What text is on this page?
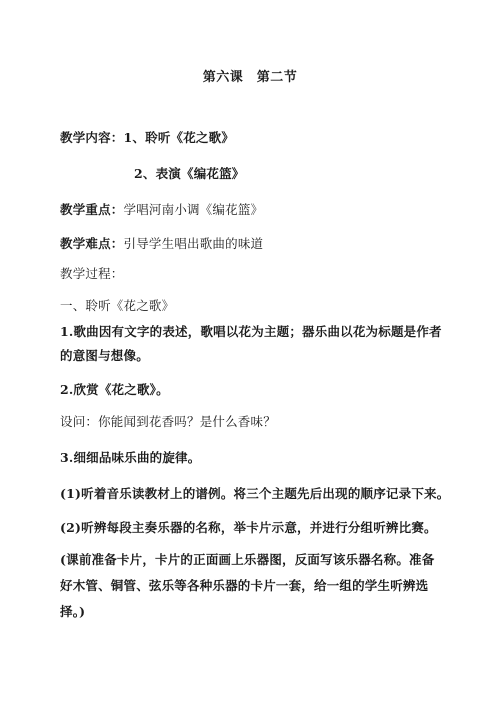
第六课　第二节
教学内容：1、聆听《花之歌》
2、表演《编花篮》
教学重点：学唱河南小调《编花篮》
教学难点：引导学生唱出歌曲的味道
教学过程：
一、聆听《花之歌》
1.歌曲因有文字的表述，歌唱以花为主题；器乐曲以花为标题是作者
的意图与想像。
2.欣赏《花之歌》。
设问：你能闻到花香吗？是什么香味？
3.细细品味乐曲的旋律。
(1)听着音乐读教材上的谱例。将三个主题先后出现的顺序记录下来。
(2)听辨每段主奏乐器的名称，举卡片示意，并进行分组听辨比赛。
(课前准备卡片，卡片的正面画上乐器图，反面写该乐器名称。准备
好木管、铜管、弦乐等各种乐器的卡片一套，给一组的学生听辨选
择。)
